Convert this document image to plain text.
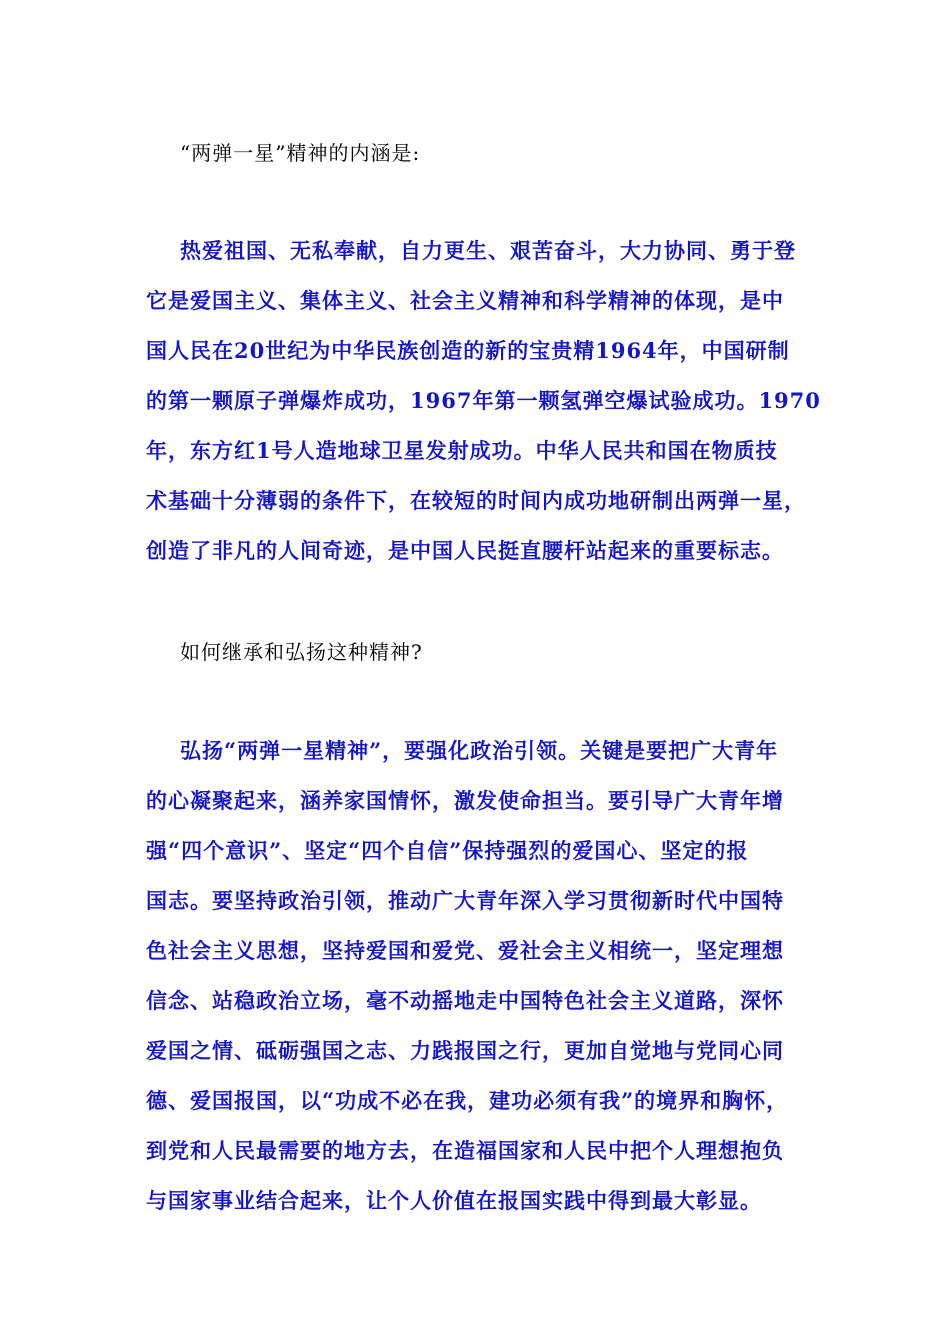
“两弹一星”精神的内涵是:
热爱祖国、无私奉献，自力更生、艰苦奋斗，大力协同、勇于登
它是爱国主义、集体主义、社会主义精神和科学精神的体现，是中
国人民在20世纪为中华民族创造的新的宝贵精1964年，中国研制
的第一颗原子弹爆炸成功，1967年第一颗氢弹空爆试验成功。1970
年，东方红1号人造地球卫星发射成功。中华人民共和国在物质技
术基础十分薄弱的条件下，在较短的时间内成功地研制出两弹一星，
创造了非凡的人间奇迹，是中国人民挺直腰杆站起来的重要标志。
如何继承和弘扬这种精神?
弘扬“两弹一星精神”，要强化政治引领。关键是要把广大青年
的心凝聚起来，涵养家国情怀，激发使命担当。要引导广大青年增
强“四个意识”、坚定“四个自信”保持强烈的爱国心、坚定的报
国志。要坚持政治引领，推动广大青年深入学习贯彻新时代中国特
色社会主义思想，坚持爱国和爱党、爱社会主义相统一，坚定理想
信念、站稳政治立场，毫不动摇地走中国特色社会主义道路，深怀
爱国之情、砥砺强国之志、力践报国之行，更加自觉地与党同心同
德、爱国报国，以“功成不必在我，建功必须有我”的境界和胸怀，
到党和人民最需要的地方去，在造福国家和人民中把个人理想抱负
与国家事业结合起来，让个人价值在报国实践中得到最大彰显。
